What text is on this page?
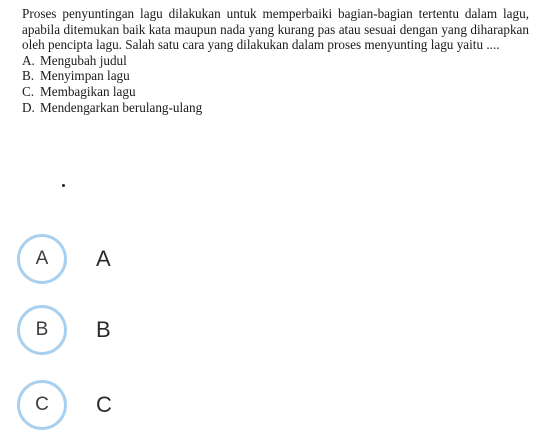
Proses penyuntingan lagu dilakukan untuk memperbaiki bagian-bagian tertentu dalam lagu, apabila ditemukan baik kata maupun nada yang kurang pas atau sesuai dengan yang diharapkan oleh pencipta lagu. Salah satu cara yang dilakukan dalam proses menyunting lagu yaitu ....

A. Mengubah judul
B. Menyimpan lagu
C. Membagikan lagu
D. Mendengarkan berulang-ulang
A	A
B	B
C	C
